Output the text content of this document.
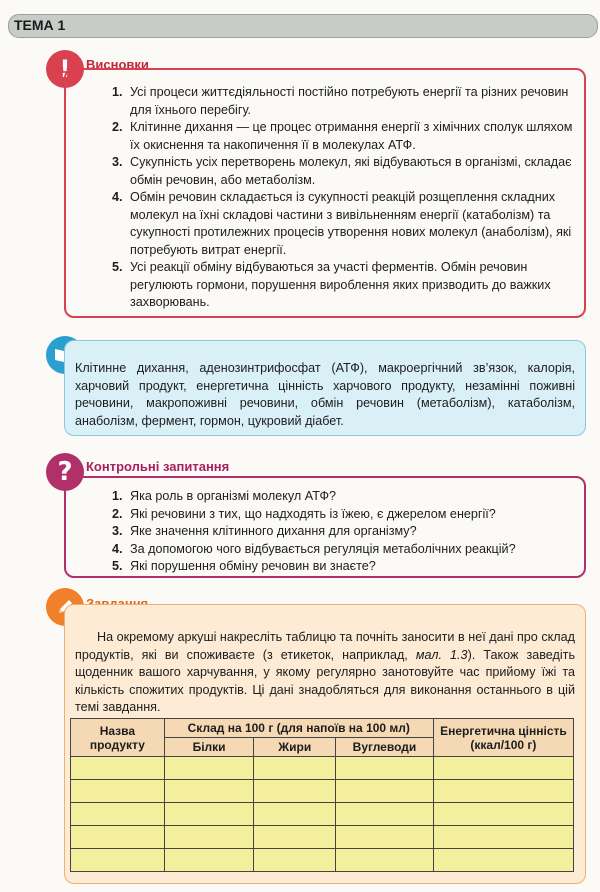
ТЕМА 1
!	Висновки
1. Усі процеси життєдіяльності постійно потребують енергії та різних речовин для їхнього перебігу.
2. Клітинне дихання — це процес отримання енергії з хімічних сполук шляхом їх окиснення та накопичення її в молекулах АТФ.
3. Сукупність усіх перетворень молекул, які відбуваються в організмі, складає обмін речовин, або метаболізм.
4. Обмін речовин складається із сукупності реакцій розщеплення складних молекул на їхні складові частини з вивільненням енергії (катаболізм) та сукупності протилежних процесів утворення нових молекул (анаболізм), які потребують витрат енергії.
5. Усі реакції обміну відбуваються за участі ферментів. Обмін речовин регулюють гормони, порушення вироблення яких призводить до важких захворювань.
Клітинне дихання, аденозинтрифосфат (АТФ), макроергічний зв’язок, калорія, харчовий продукт, енергетична цінність харчового продукту, незамінні поживні речовини, макропоживні речовини, обмін речовин (метаболізм), катаболізм, анаболізм, фермент, гормон, цукровий діабет.
?	Контрольні запитання
1. Яка роль в організмі молекул АТФ?
2. Які речовини з тих, що надходять із їжею, є джерелом енергії?
3. Яке значення клітинного дихання для організму?
4. За допомогою чого відбувається регуляція метаболічних реакцій?
5. Які порушення обміну речовин ви знаєте?
На окремому аркуші накресліть таблицю та почніть заносити в неї дані про склад продуктів, які ви споживаєте (з етикеток, наприклад, мал. 1.3). Також заведіть щоденник вашого харчування, у якому регулярно занотовуйте час прийому їжі та кількість спожитих продуктів. Ці дані знадобляться для виконання останнього в цій темі завдання.
Назва продукту	Склад на 100 г (для напоїв на 100 мл)			Енергетична цінність (ккал/100 г)
	Білки	Жири	Вуглеводи	
